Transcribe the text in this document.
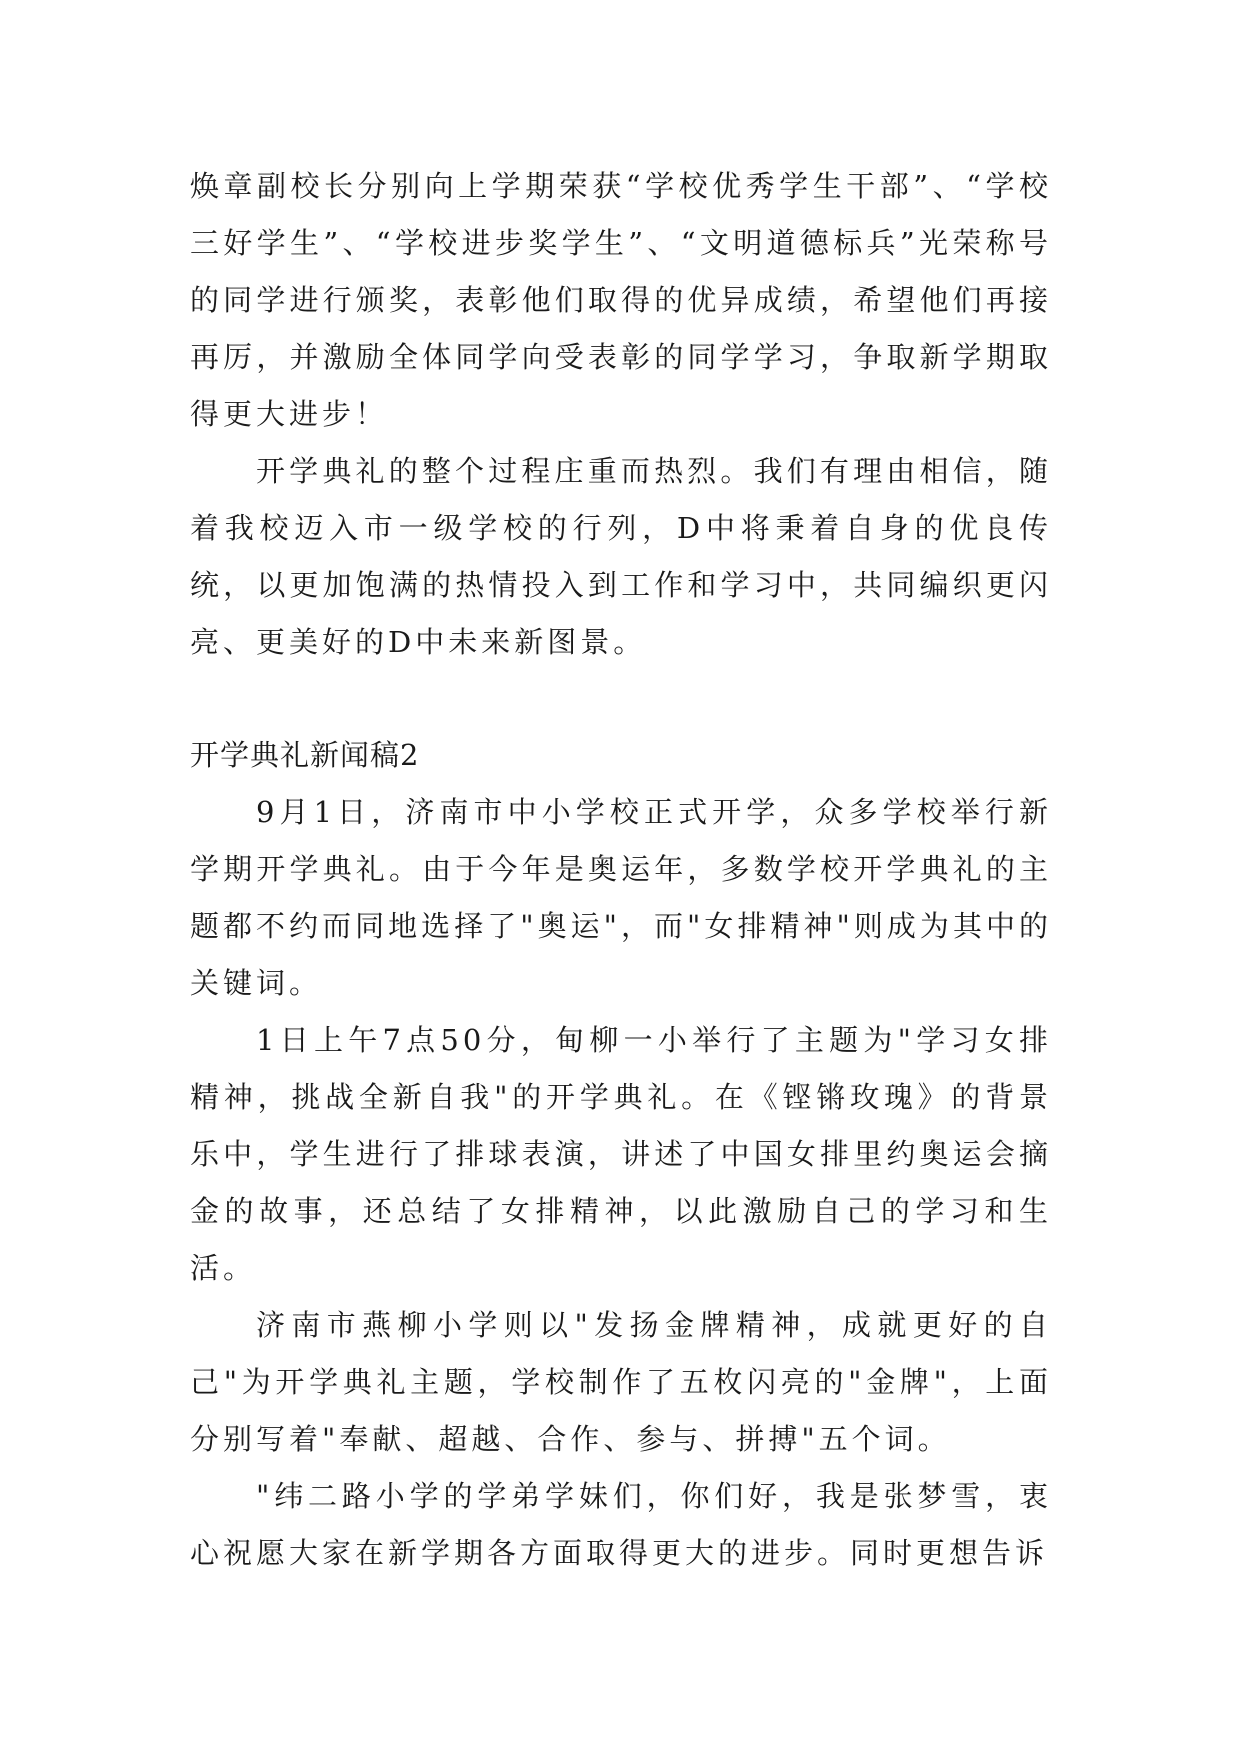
焕章副校长分别向上学期荣获“学校优秀学生干部”、“学校三好学生”、“学校进步奖学生”、“文明道德标兵”光荣称号的同学进行颁奖，表彰他们取得的优异成绩，希望他们再接再厉，并激励全体同学向受表彰的同学学习，争取新学期取得更大进步！

开学典礼的整个过程庄重而热烈。我们有理由相信，随着我校迈入市一级学校的行列，D中将秉着自身的优良传统，以更加饱满的热情投入到工作和学习中，共同编织更闪亮、更美好的D中未来新图景。

开学典礼新闻稿2

9月1日，济南市中小学校正式开学，众多学校举行新学期开学典礼。由于今年是奥运年，多数学校开学典礼的主题都不约而同地选择了"奥运"，而"女排精神"则成为其中的关键词。

1日上午7点50分，甸柳一小举行了主题为"学习女排精神，挑战全新自我"的开学典礼。在《铿锵玫瑰》的背景乐中，学生进行了排球表演，讲述了中国女排里约奥运会摘金的故事，还总结了女排精神，以此激励自己的学习和生活。

济南市燕柳小学则以"发扬金牌精神，成就更好的自己"为开学典礼主题，学校制作了五枚闪亮的"金牌"，上面分别写着"奉献、超越、合作、参与、拼搏"五个词。

"纬二路小学的学弟学妹们，你们好，我是张梦雪，衷心祝愿大家在新学期各方面取得更大的进步。同时更想告诉
